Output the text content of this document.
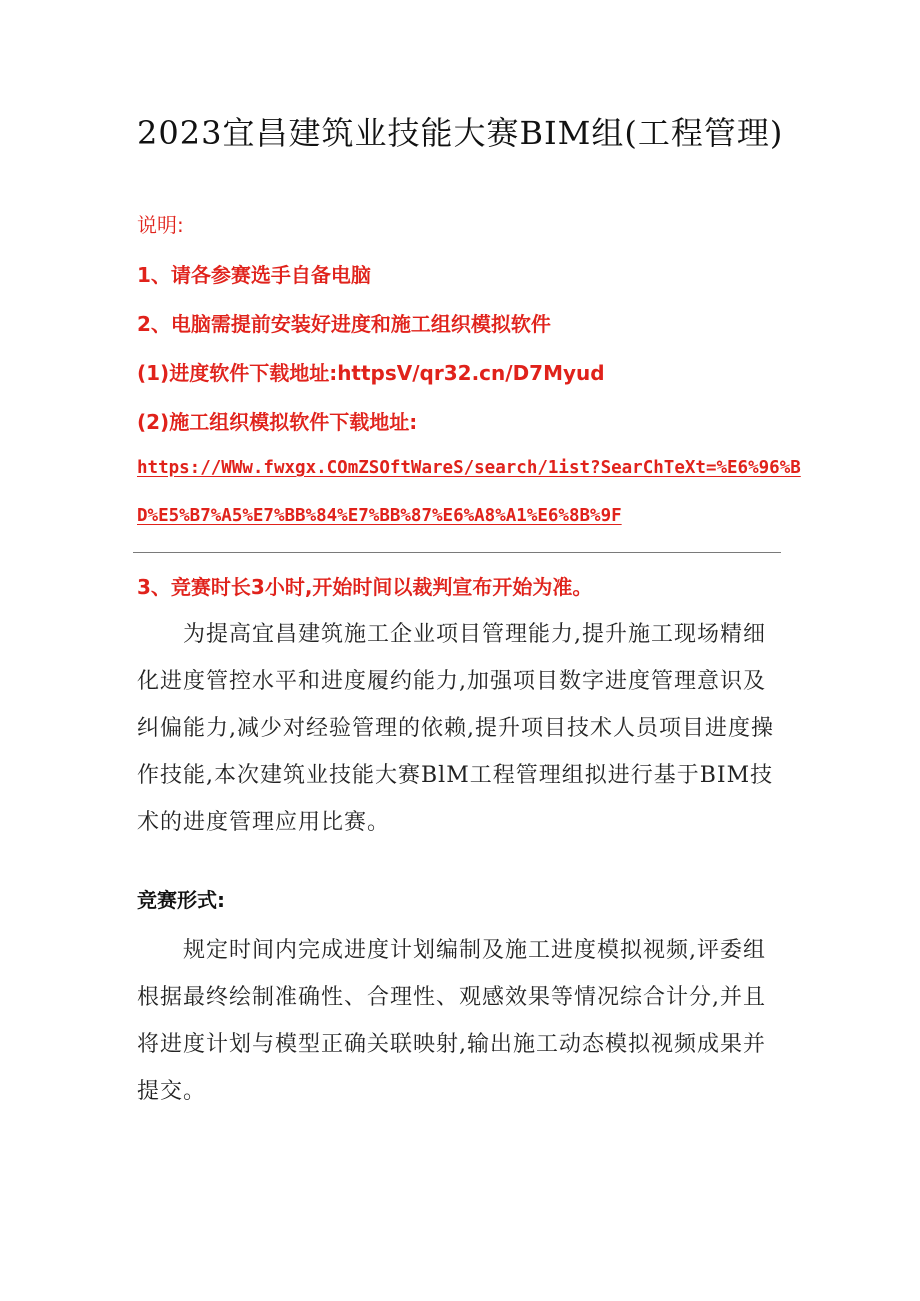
2023宜昌建筑业技能大赛BIM组(工程管理)
说明:
1、请各参赛选手自备电脑
2、电脑需提前安装好进度和施工组织模拟软件
(1)进度软件下载地址:httpsV/qr32.cn/D7Myud
(2)施工组织模拟软件下载地址:
https://WWw.fwxgx.COmZSOftWareS/search/1ist?SearChTeXt=%E6%96%B
D%E5%B7%A5%E7%BB%84%E7%BB%87%E6%A8%A1%E6%8B%9F
3、竞赛时长3小时,开始时间以裁判宣布开始为准。
为提高宜昌建筑施工企业项目管理能力,提升施工现场精细化进度管控水平和进度履约能力,加强项目数字进度管理意识及纠偏能力,减少对经验管理的依赖,提升项目技术人员项目进度操作技能,本次建筑业技能大赛BlM工程管理组拟进行基于BIM技术的进度管理应用比赛。
竞赛形式:
规定时间内完成进度计划编制及施工进度模拟视频,评委组根据最终绘制准确性、合理性、观感效果等情况综合计分,并且将进度计划与模型正确关联映射,输出施工动态模拟视频成果并提交。
